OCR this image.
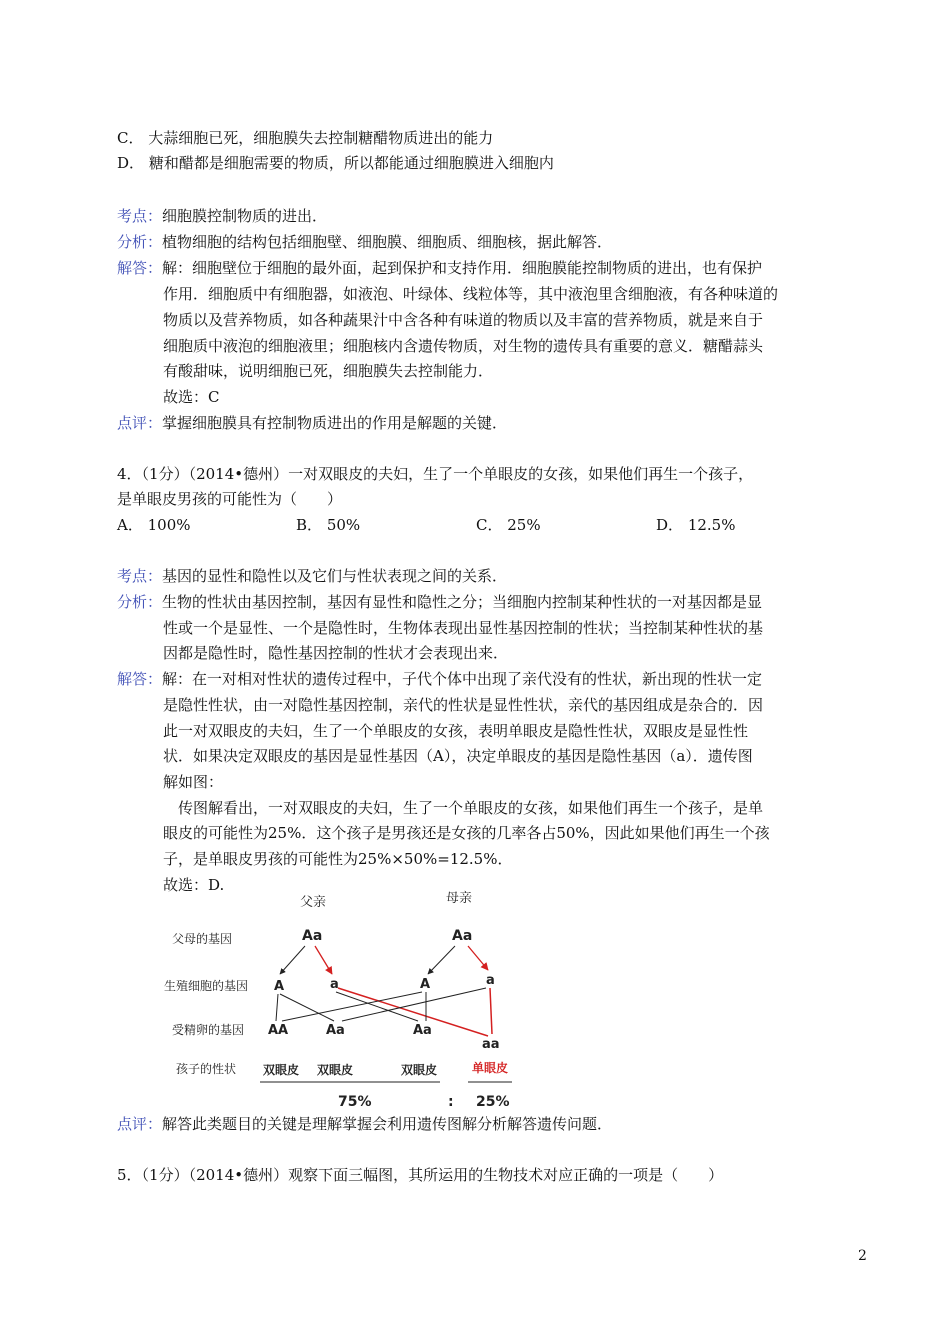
C． 大蒜细胞已死，细胞膜失去控制糖醋物质进出的能力
D． 糖和醋都是细胞需要的物质，所以都能通过细胞膜进入细胞内
考点：细胞膜控制物质的进出．
分析：植物细胞的结构包括细胞壁、细胞膜、细胞质、细胞核，据此解答．
解答：解：细胞壁位于细胞的最外面，起到保护和支持作用．细胞膜能控制物质的进出，也有保护
作用．细胞质中有细胞器，如液泡、叶绿体、线粒体等，其中液泡里含细胞液，有各种味道的
物质以及营养物质，如各种蔬果汁中含各种有味道的物质以及丰富的营养物质，就是来自于
细胞质中液泡的细胞液里；细胞核内含遗传物质，对生物的遗传具有重要的意义．糖醋蒜头
有酸甜味，说明细胞已死，细胞膜失去控制能力．
故选：C
点评：掌握细胞膜具有控制物质进出的作用是解题的关键．
4．（1分）（2014•德州）一对双眼皮的夫妇，生了一个单眼皮的女孩，如果他们再生一个孩子，
是单眼皮男孩的可能性为（　　）
A． 100%	B． 50%	C． 25%	D． 12.5%
考点：基因的显性和隐性以及它们与性状表现之间的关系．
分析：生物的性状由基因控制，基因有显性和隐性之分；当细胞内控制某种性状的一对基因都是显
性或一个是显性、一个是隐性时，生物体表现出显性基因控制的性状；当控制某种性状的基
因都是隐性时，隐性基因控制的性状才会表现出来．
解答：解：在一对相对性状的遗传过程中，子代个体中出现了亲代没有的性状，新出现的性状一定
是隐性性状，由一对隐性基因控制，亲代的性状是显性性状，亲代的基因组成是杂合的．因
此一对双眼皮的夫妇，生了一个单眼皮的女孩，表明单眼皮是隐性性状，双眼皮是显性性
状．如果决定双眼皮的基因是显性基因（A），决定单眼皮的基因是隐性基因（a）．遗传图
解如图：
　传图解看出，一对双眼皮的夫妇，生了一个单眼皮的女孩，如果他们再生一个孩子，是单
眼皮的可能性为25%．这个孩子是男孩还是女孩的几率各占50%，因此如果他们再生一个孩
子，是单眼皮男孩的可能性为25%×50%=12.5%．
故选：D.
父亲	母亲
父母的基因
生殖细胞的基因
受精卵的基因
孩子的性状
Aa	Aa
A	a	A	a
AA	Aa	Aa
aa
双眼皮 双眼皮	双眼皮	单眼皮
75%	: 25%
点评：解答此类题目的关键是理解掌握会利用遗传图解分析解答遗传问题．
5．（1分）（2014•德州）观察下面三幅图，其所运用的生物技术对应正确的一项是（　　）
2
